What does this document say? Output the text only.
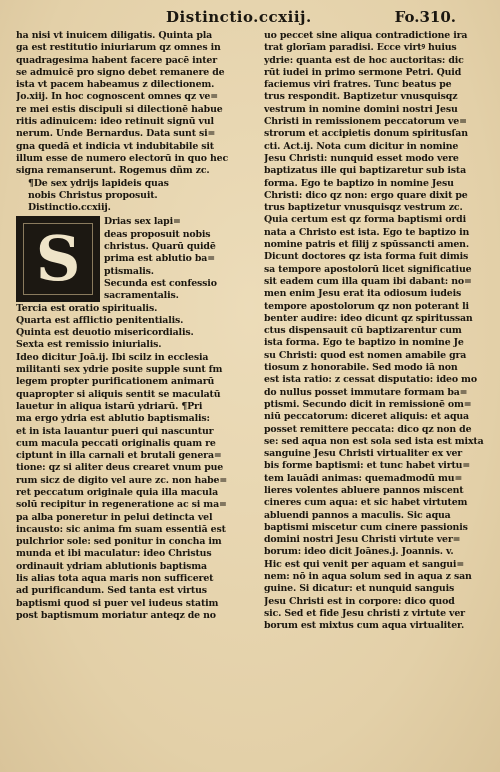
Distinctio.ccxiij.	Fo.310.
ha nisi vt inuicem diligatis. Quinta pla
ga est restitutio iniuriarum qz omnes in
quadragesima habent facere pacē inter
se admuicē pro signo debet remanere de
ista vt pacem habeamus z dilectionem.
Jo.xiij. In hoc cognoscent omnes qz ve=
re mei estis discipuli si dilectionē habue
ritis adinuicem: ideo retinuit signū vul
nerum. Unde Bernardus. Data sunt si=
gna quedā et indicia vt indubitabile sit
illum esse de numero electorū in quo hec
signa remanserunt. Rogemus dñm zc.
¶De sex ydrijs lapideis quas
nobis Christus proposuit.
Distinctio.ccxiij.
S
Drias sex lapi=
deas proposuit nobis
christus. Quarū quidē
prima est ablutio ba=
ptismalis.
Secunda est confessio
sacramentalis.
Tercia est oratio spiritualis.
Quarta est afflictio penitentialis.
Quinta est deuotio misericordialis.
Sexta est remissio iniurialis.
Ideo dicitur Joā.ij. Ibi scilz in ecclesia
militanti sex ydrie posite supple sunt fm
legem propter purificationem animarū
quapropter si aliquis sentit se maculatū
lauetur in aliqua istarū ydriarū. ¶Pri
ma ergo ydria est ablutio baptismalis:
et in ista lauantur pueri qui nascuntur
cum macula peccati originalis quam re
ciptunt in illa carnali et brutali genera=
tione: qz si aliter deus crearet vnum pue
rum sicz de digito vel aure zc. non habe=
ret peccatum originale quia illa macula
solū recipitur in regeneratione ac si ma=
pa alba poneretur in pelui detincta vel
incausto: sic anima fm suam essentiā est
pulchrior sole: sed ponitur in concha im
munda et ibi maculatur: ideo Christus
ordinauit ydriam ablutionis baptisma
lis alias tota aqua maris non sufficeret
ad purificandum. Sed tanta est virtus
baptismi quod si puer vel iudeus statim
post baptismum moriatur anteqz de no
uo peccet sine aliqua contradictione ira
trat glorīam paradisi. Ecce virtꝰ huius
ydrie: quanta est de hoc auctoritas: dic
rūt iudei in primo sermone Petri. Quid
faciemus viri fratres. Tunc beatus pe
trus respondit. Baptizetur vnusquisqz
vestrum in nomine domini nostri Jesu
Christi in remissionem peccatorum ve=
strorum et accipietis donum spiritusſan
cti. Act.ij. Nota cum dicitur in nomine
Jesu Christi: nunquid esset modo vere
baptizatus ille qui baptizaretur sub ista
forma. Ego te baptizo in nomine Jesu
Christi: dico qz non: ergo quare dixit pe
trus baptizetur vnusquisqz vestrum zc.
Quia certum est qz forma baptismi ordi
nata a Christo est ista. Ego te baptizo in
nomine patris et filij z spūssancti amen.
Dicunt doctores qz ista forma fuit dimis
sa tempore apostolorū licet significatiue
sit eadem cum illa quam ibi dabant: no=
men enim Jesu erat ita odiosum iudeis
tempore apostolorum qz non poterant li
benter audire: ideo dicunt qz spiritussan
ctus dispensauit cū baptizarentur cum
ista forma. Ego te baptizo in nomine Je
su Christi: quod est nomen amabile gra
tiosum z honorabile. Sed modo iā non
est ista ratio: z cessat disputatio: ideo mo
do nullus posset immutare formam ba=
ptismi. Secundo dicit in remissionē om=
niū peccatorum: diceret aliquis: et aqua
posset remittere peccata: dico qz non de
se: sed aqua non est sola sed ista est mixta
sanguine Jesu Christi virtualiter ex ver
bis forme baptismi: et tunc habet virtu=
tem lauādi animas: quemadmodū mu=
lieres volentes abluere pannos miscent
cineres cum aqua: et sic habet virtutem
abluendi pannos a maculis. Sic aqua
baptismi miscetur cum cinere passionis
domini nostri Jesu Christi virtute ver=
borum: ideo dicit Joānes.j. Joannis. v.
Hic est qui venit per aquam et sangui=
nem: nō in aqua solum sed in aqua z san
guine. Si dicatur: et nunquid sanguis
Jesu Christi est in corpore: dico quod
sic. Sed et fide Jesu christi z virtute ver
borum est mixtus cum aqua virtualiter.
